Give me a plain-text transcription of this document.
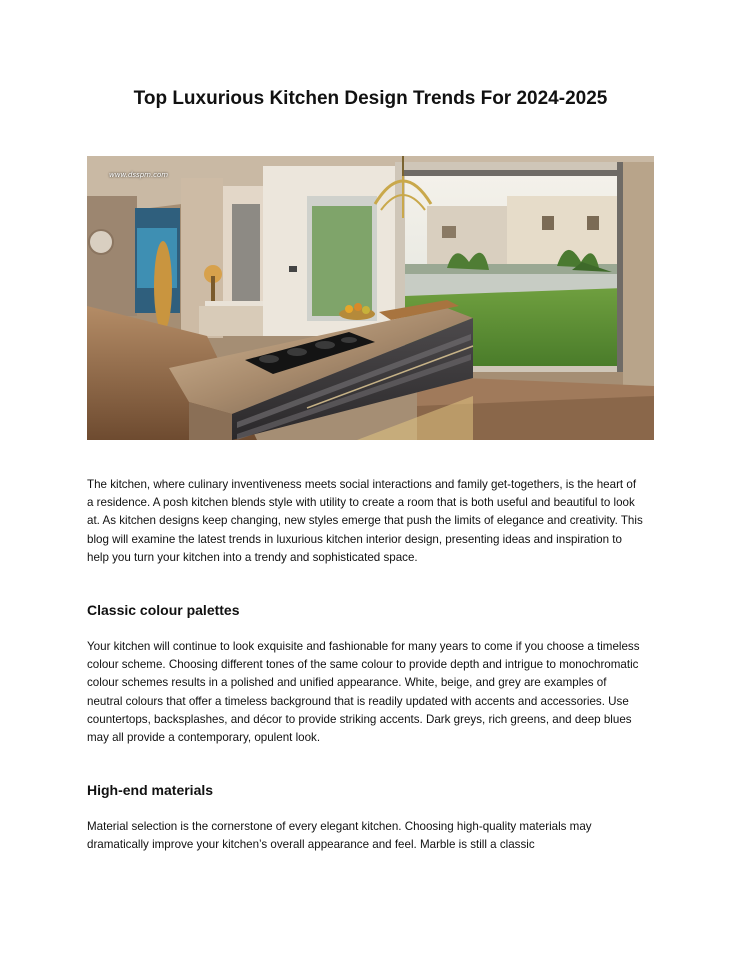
Top Luxurious Kitchen Design Trends For 2024-2025
www.dsspm.com

The kitchen, where culinary inventiveness meets social interactions and family get-togethers, is the heart of a residence. A posh kitchen blends style with utility to create a room that is both useful and beautiful to look at. As kitchen designs keep changing, new styles emerge that push the limits of elegance and creativity. This blog will examine the latest trends in luxurious kitchen interior design, presenting ideas and inspiration to help you turn your kitchen into a trendy and sophisticated space.

Classic colour palettes

Your kitchen will continue to look exquisite and fashionable for many years to come if you choose a timeless colour scheme. Choosing different tones of the same colour to provide depth and intrigue to monochromatic colour schemes results in a polished and unified appearance. White, beige, and grey are examples of neutral colours that offer a timeless background that is readily updated with accents and accessories. Use countertops, backsplashes, and décor to provide striking accents. Dark greys, rich greens, and deep blues may all provide a contemporary, opulent look.

High-end materials

Material selection is the cornerstone of every elegant kitchen. Choosing high-quality materials may dramatically improve your kitchen’s overall appearance and feel. Marble is still a classic
